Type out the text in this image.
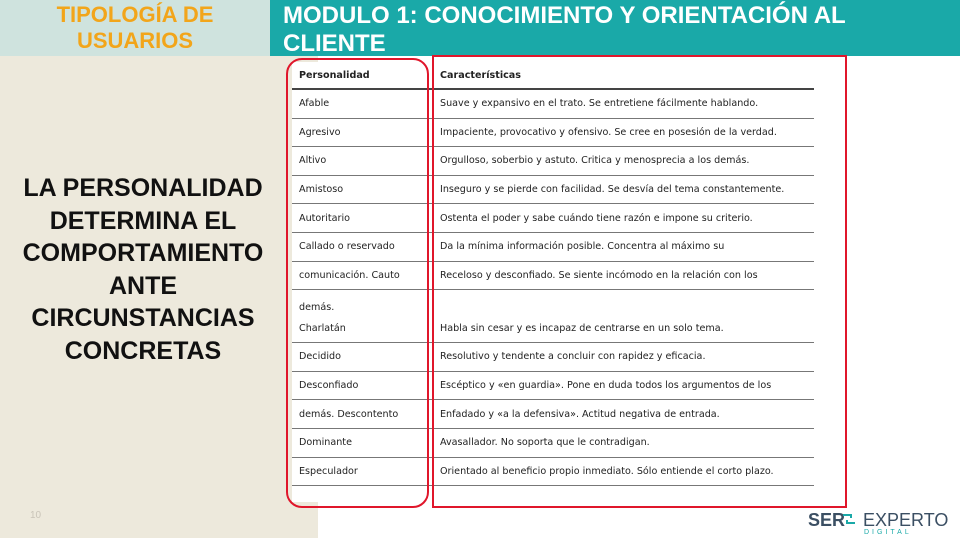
TIPOLOGÍA DE USUARIOS
MODULO 1: CONOCIMIENTO Y ORIENTACIÓN AL CLIENTE
LA PERSONALIDAD DETERMINA EL COMPORTAMIENTO ANTE CIRCUNSTANCIAS CONCRETAS
10
Personalidad	Características
Afable	Suave y expansivo en el trato. Se entretiene fácilmente hablando.
Agresivo	Impaciente, provocativo y ofensivo. Se cree en posesión de la verdad.
Altivo	Orgulloso, soberbio y astuto. Critica y menosprecia a los demás.
Amistoso	Inseguro y se pierde con facilidad. Se desvía del tema constantemente.
Autoritario	Ostenta el poder y sabe cuándo tiene razón e impone su criterio.
Callado o reservado	Da la mínima información posible. Concentra al máximo su
comunicación. Cauto	Receloso y desconfiado. Se siente incómodo en la relación con los

demás.
Charlatán	Habla sin cesar y es incapaz de centrarse en un solo tema.
Decidido	Resolutivo y tendente a concluir con rapidez y eficacia.
Desconfiado	Escéptico y «en guardia». Pone en duda todos los argumentos de los
demás. Descontento	Enfadado y «a la defensiva». Actitud negativa de entrada.
Dominante	Avasallador. No soporta que le contradigan.
Especulador	Orientado al beneficio propio inmediato. Sólo entiende el corto plazo.
SER EXPERTO
DIGITAL
